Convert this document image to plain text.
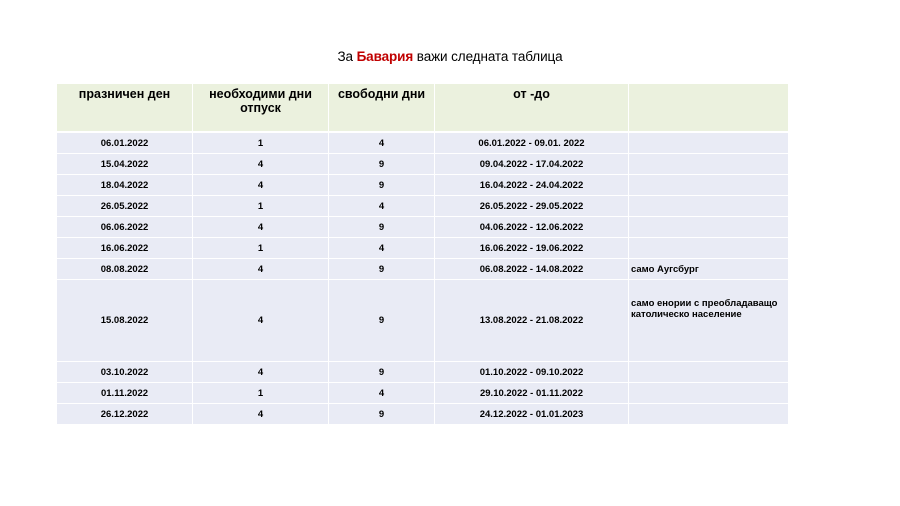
За Бавария важи следната таблица
празничен ден	необходими дни отпуск	свободни дни	от -до	
06.01.2022	1	4	06.01.2022 - 09.01. 2022	
15.04.2022	4	9	09.04.2022 - 17.04.2022	
18.04.2022	4	9	16.04.2022 - 24.04.2022	
26.05.2022	1	4	26.05.2022 - 29.05.2022	
06.06.2022	4	9	04.06.2022 - 12.06.2022	
16.06.2022	1	4	16.06.2022 - 19.06.2022	
08.08.2022	4	9	06.08.2022 - 14.08.2022	само Аугсбург
15.08.2022	4	9	13.08.2022 - 21.08.2022	само енории с преобладаващо католическо население
03.10.2022	4	9	01.10.2022 - 09.10.2022	
01.11.2022	1	4	29.10.2022 - 01.11.2022	
26.12.2022	4	9	24.12.2022 - 01.01.2023	
